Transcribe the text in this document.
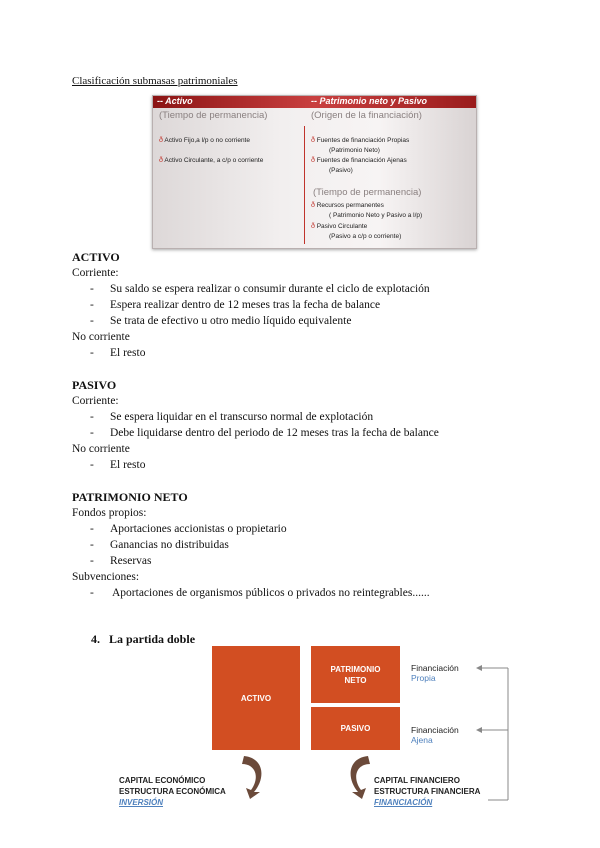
Clasificación submasas patrimoniales
-- Activo	-- Patrimonio neto y Pasivo
(Tiempo de permanencia)	(Origen de la financiación)
ð Activo Fijo,a l/p o no corriente
ð Activo Circulante, a c/p o corriente
ð Fuentes de financiación Propias
(Patrimonio Neto)
ð Fuentes de financiación Ajenas
(Pasivo)
(Tiempo de permanencia)
ð Recursos permanentes
( Patrimonio Neto y Pasivo a l/p)
ð Pasivo Circulante
(Pasivo a c/p o corriente)
ACTIVO
Corriente:
- Su saldo se espera realizar o consumir durante el ciclo de explotación
- Espera realizar dentro de 12 meses tras la fecha de balance
- Se trata de efectivo u otro medio líquido equivalente
No corriente
- El resto
PASIVO
Corriente:
- Se espera liquidar en el transcurso normal de explotación
- Debe liquidarse dentro del periodo de 12 meses tras la fecha de balance
No corriente
- El resto
PATRIMONIO NETO
Fondos propios:
- Aportaciones accionistas o propietario
- Ganancias no distribuidas
- Reservas
Subvenciones:
- Aportaciones de organismos públicos o privados no reintegrables......
4. La partida doble
ACTIVO
PATRIMONIO
NETO
PASIVO
Financiación
Propia
Financiación
Ajena
CAPITAL ECONÓMICO
ESTRUCTURA ECONÓMICA
INVERSIÓN
CAPITAL FINANCIERO
ESTRUCTURA FINANCIERA
FINANCIACIÓN
